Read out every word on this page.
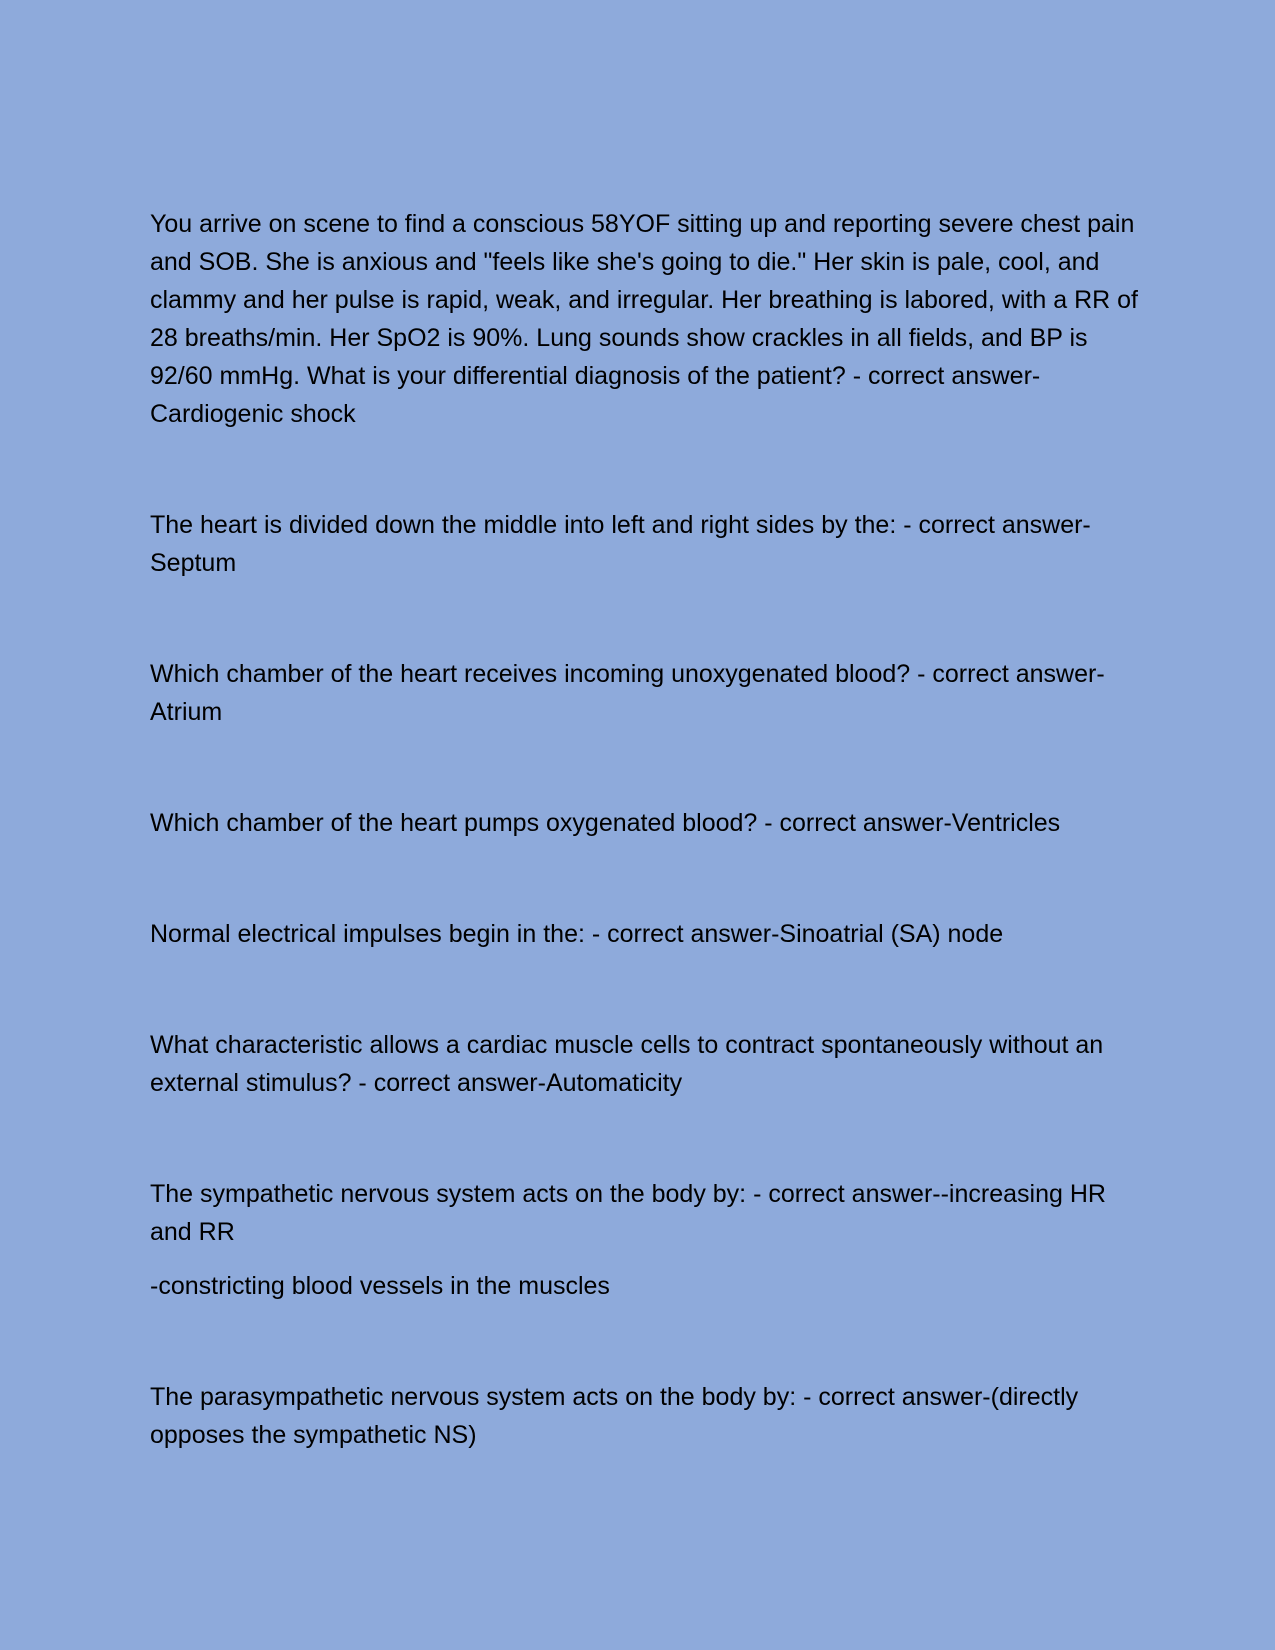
You arrive on scene to find a conscious 58YOF sitting up and reporting severe chest pain and SOB. She is anxious and "feels like she's going to die." Her skin is pale, cool, and clammy and her pulse is rapid, weak, and irregular. Her breathing is labored, with a RR of 28 breaths/min. Her SpO2 is 90%. Lung sounds show crackles in all fields, and BP is 92/60 mmHg. What is your differential diagnosis of the patient? - correct answer-Cardiogenic shock

The heart is divided down the middle into left and right sides by the: - correct answer-Septum

Which chamber of the heart receives incoming unoxygenated blood? - correct answer-Atrium

Which chamber of the heart pumps oxygenated blood? - correct answer-Ventricles

Normal electrical impulses begin in the: - correct answer-Sinoatrial (SA) node

What characteristic allows a cardiac muscle cells to contract spontaneously without an external stimulus? - correct answer-Automaticity

The sympathetic nervous system acts on the body by: - correct answer--increasing HR and RR

-constricting blood vessels in the muscles

The parasympathetic nervous system acts on the body by: - correct answer-(directly opposes the sympathetic NS)
